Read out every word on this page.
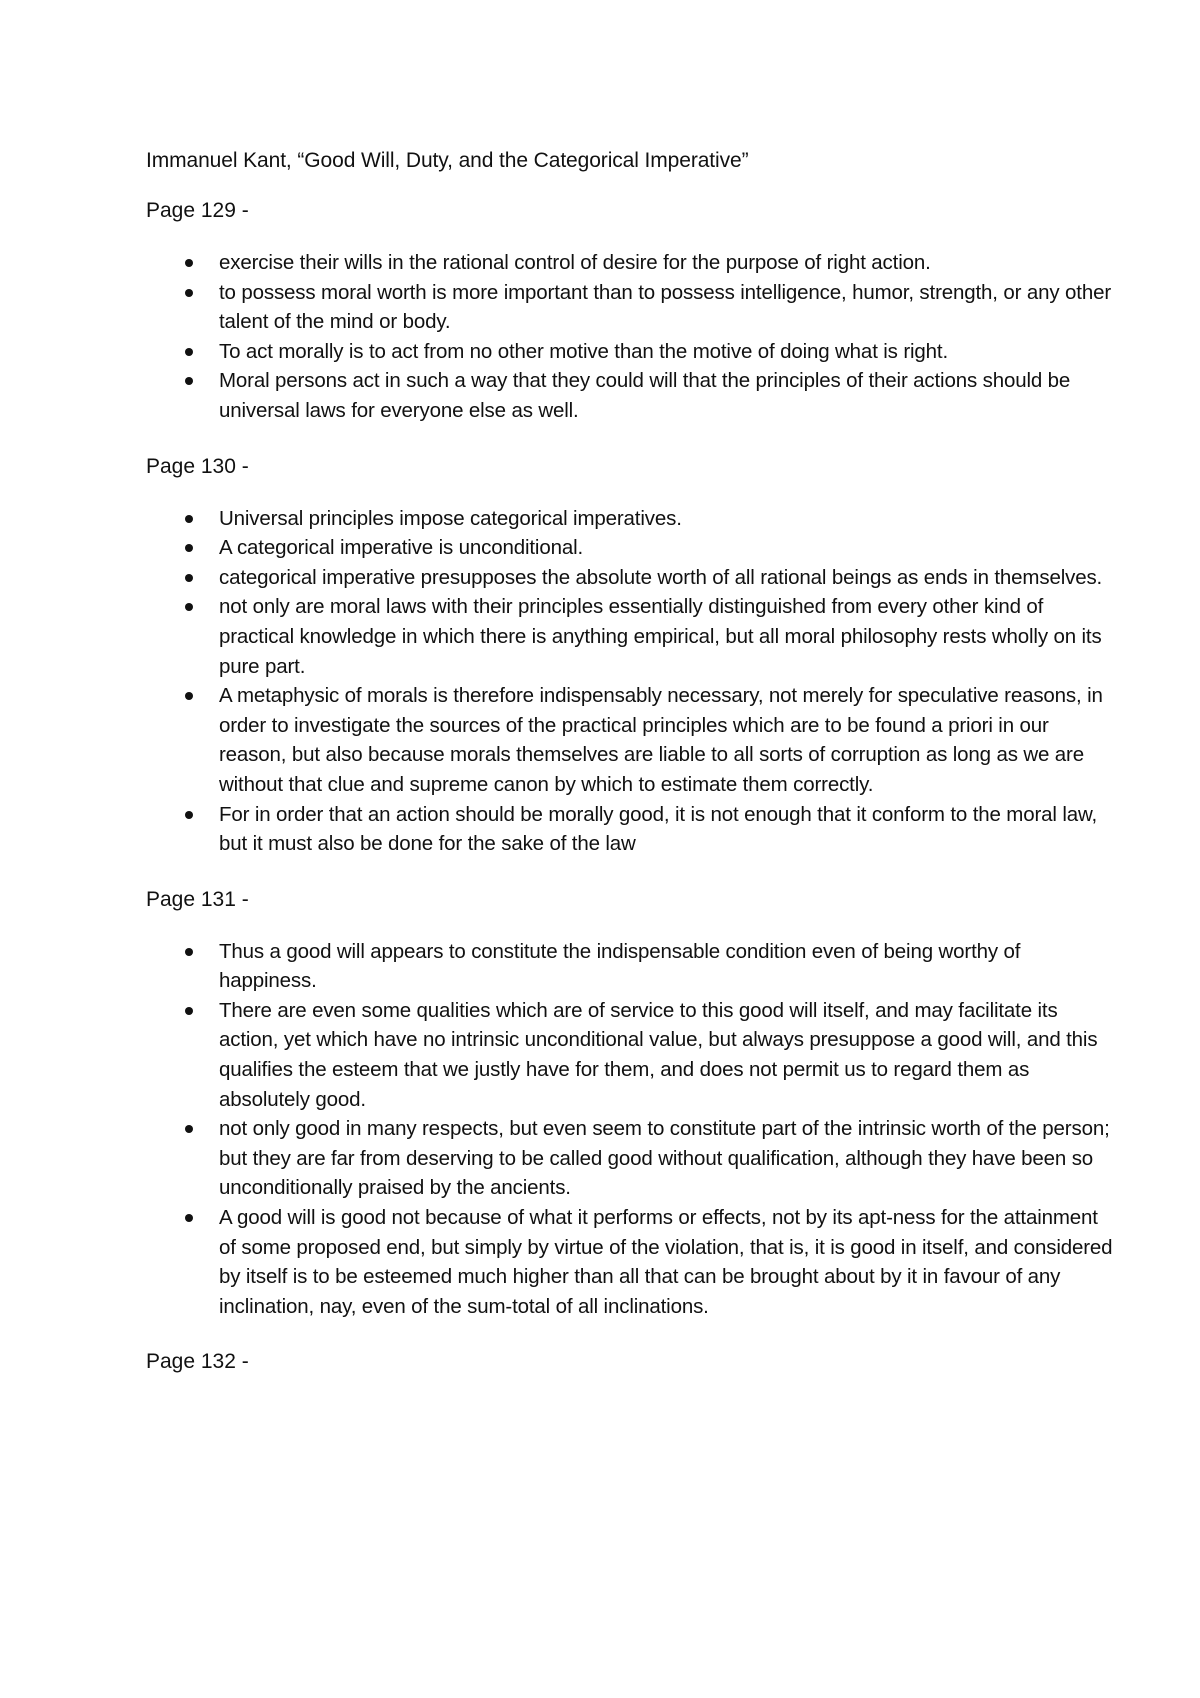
Immanuel Kant, “Good Will, Duty, and the Categorical Imperative”
Page 129 -
exercise their wills in the rational control of desire for the purpose of right action.
to possess moral worth is more important than to possess intelligence, humor, strength, or any other talent of the mind or body.
To act morally is to act from no other motive than the motive of doing what is right.
Moral persons act in such a way that they could will that the principles of their actions should be universal laws for everyone else as well.
Page 130 -
Universal principles impose categorical imperatives.
A categorical imperative is unconditional.
categorical imperative presupposes the absolute worth of all rational beings as ends in themselves.
not only are moral laws with their principles essentially distinguished from every other kind of practical knowledge in which there is anything empirical, but all moral philosophy rests wholly on its pure part.
A metaphysic of morals is therefore indispensably necessary, not merely for speculative reasons, in order to investigate the sources of the practical principles which are to be found a priori in our reason, but also because morals themselves are liable to all sorts of corruption as long as we are without that clue and supreme canon by which to estimate them correctly.
For in order that an action should be morally good, it is not enough that it conform to the moral law, but it must also be done for the sake of the law
Page 131 -
Thus a good will appears to constitute the indispensable condition even of being worthy of happiness.
There are even some qualities which are of service to this good will itself, and may facilitate its action, yet which have no intrinsic unconditional value, but always presuppose a good will, and this qualifies the esteem that we justly have for them, and does not permit us to regard them as absolutely good.
not only good in many respects, but even seem to constitute part of the intrinsic worth of the person; but they are far from deserving to be called good without qualification, although they have been so unconditionally praised by the ancients.
A good will is good not because of what it performs or effects, not by its apt-ness for the attainment of some proposed end, but simply by virtue of the violation, that is, it is good in itself, and considered by itself is to be esteemed much higher than all that can be brought about by it in favour of any inclination, nay, even of the sum-total of all inclinations.
Page 132 -
